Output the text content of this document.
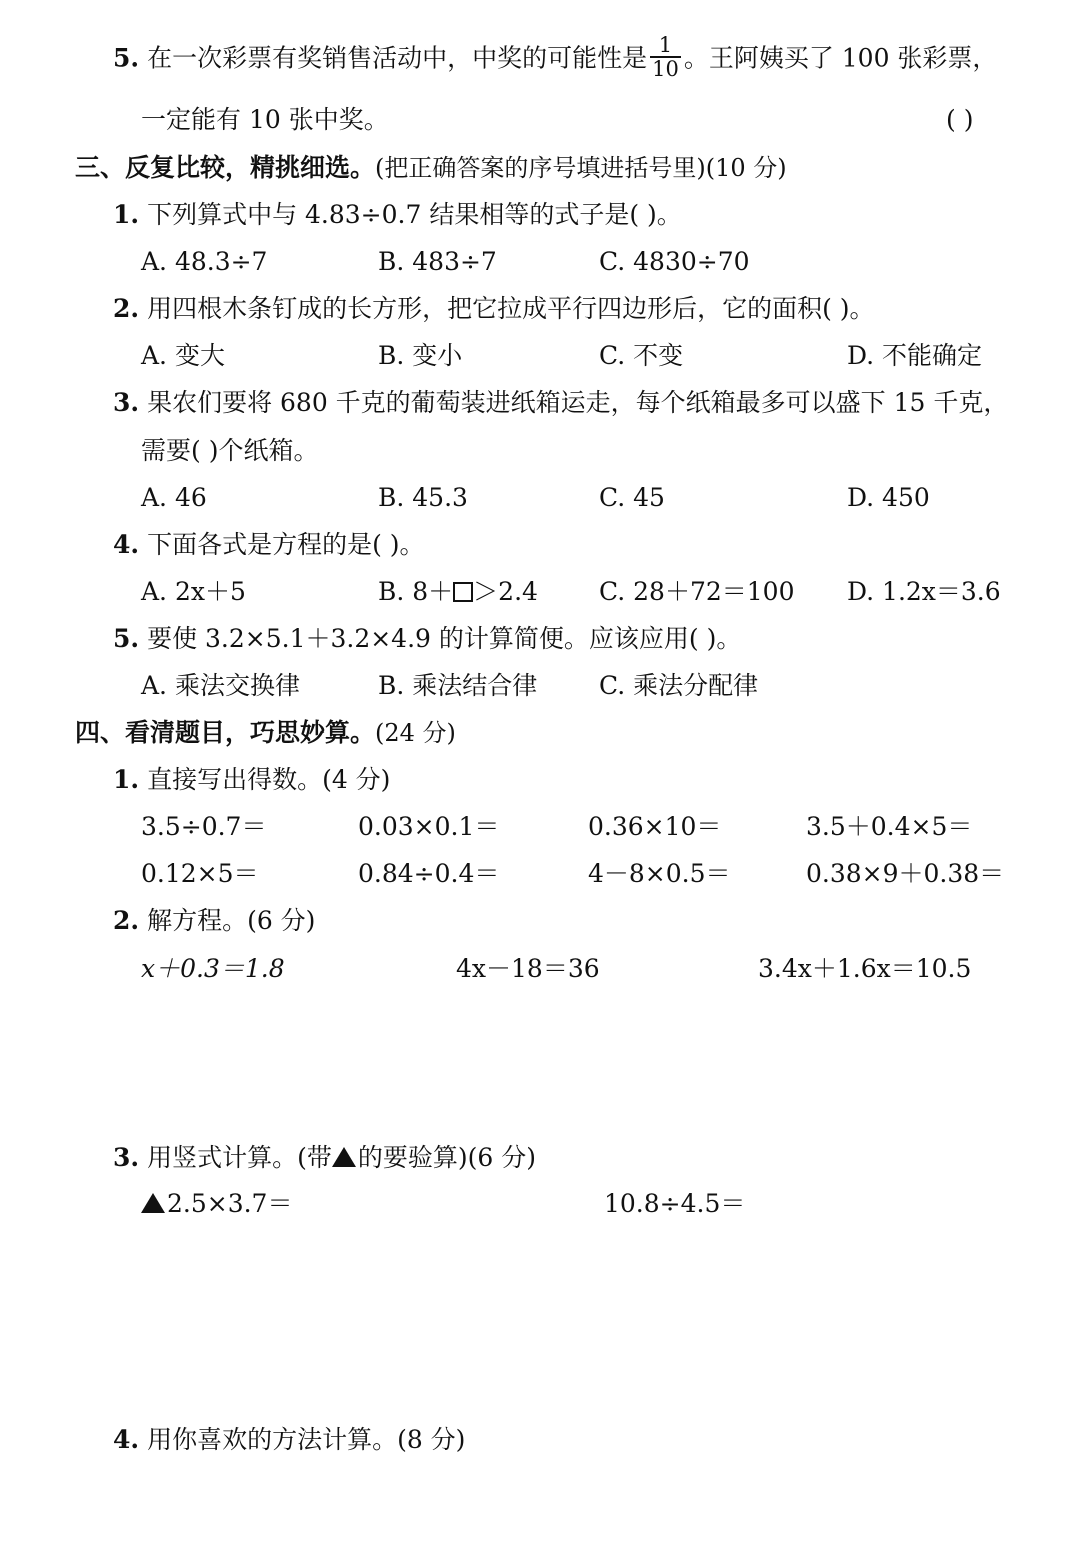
5. 在一次彩票有奖销售活动中，中奖的可能性是 $\frac{1}{10}$ 。王阿姨买了 100 张彩票，
一定能有 10 张中奖。	( )
三、反复比较，精挑细选。(把正确答案的序号填进括号里)(10 分)
1. 下列算式中与 4.83÷0.7 结果相等的式子是( )。
A. 48.3÷7	B. 483÷7	C. 4830÷70
2. 用四根木条钉成的长方形，把它拉成平行四边形后，它的面积( )。
A. 变大	B. 变小	C. 不变	D. 不能确定
3. 果农们要将 680 千克的葡萄装进纸箱运走，每个纸箱最多可以盛下 15 千克，
需要( )个纸箱。
A. 46	B. 45.3	C. 45	D. 450
4. 下面各式是方程的是( )。
A. 2x＋5	B. 8＋ ＞2.4 C. 28＋72＝100 D. 1.2x＝3.6
5. 要使 3.2×5.1＋3.2×4.9 的计算简便。应该应用( )。
A. 乘法交换律	B. 乘法结合律 C. 乘法分配律
四、看清题目，巧思妙算。(24 分)
1. 直接写出得数。(4 分)
3.5÷0.7＝	0.03×0.1＝	0.36×10＝	3.5＋0.4×5＝
0.12×5＝	0.84÷0.4＝	4－8×0.5＝	0.38×9＋0.38＝
2. 解方程。(6 分)
x＋0.3＝1.8	4x－18＝36	3.4x＋1.6x＝10.5
3. 用竖式计算。(带 的要验算)(6 分)
2.5×3.7＝	10.8÷4.5＝
4. 用你喜欢的方法计算。(8 分)
